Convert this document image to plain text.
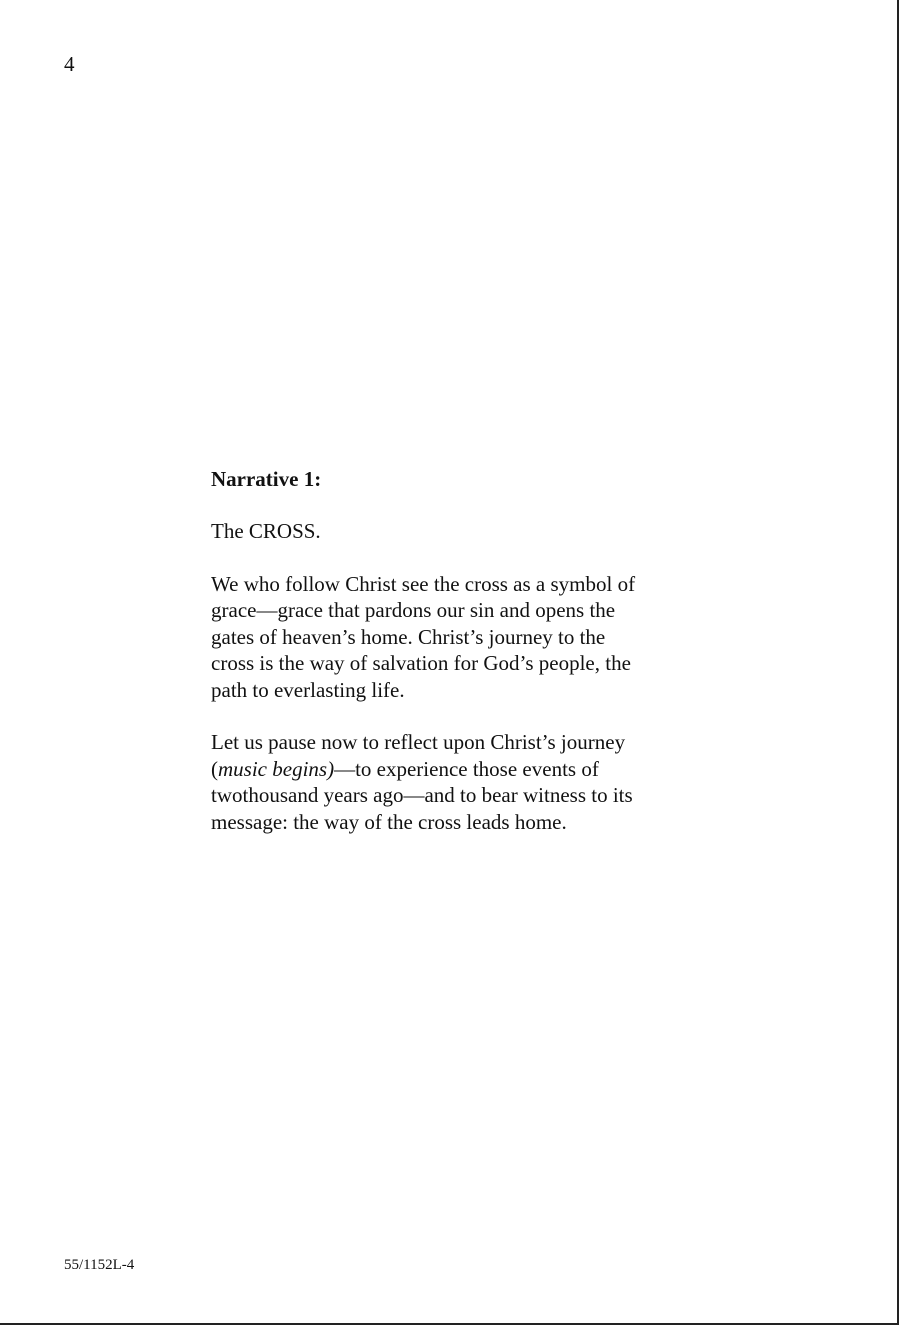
4
Narrative 1:
The CROSS.
We who follow Christ see the cross as a symbol of
grace—grace that pardons our sin and opens the
gates of heaven’s home. Christ’s journey to the
cross is the way of salvation for God’s people, the
path to everlasting life.
Let us pause now to reflect upon Christ’s journey
(music begins)—to experience those events of
twothousand years ago—and to bear witness to its
message: the way of the cross leads home.
55/1152L-4
